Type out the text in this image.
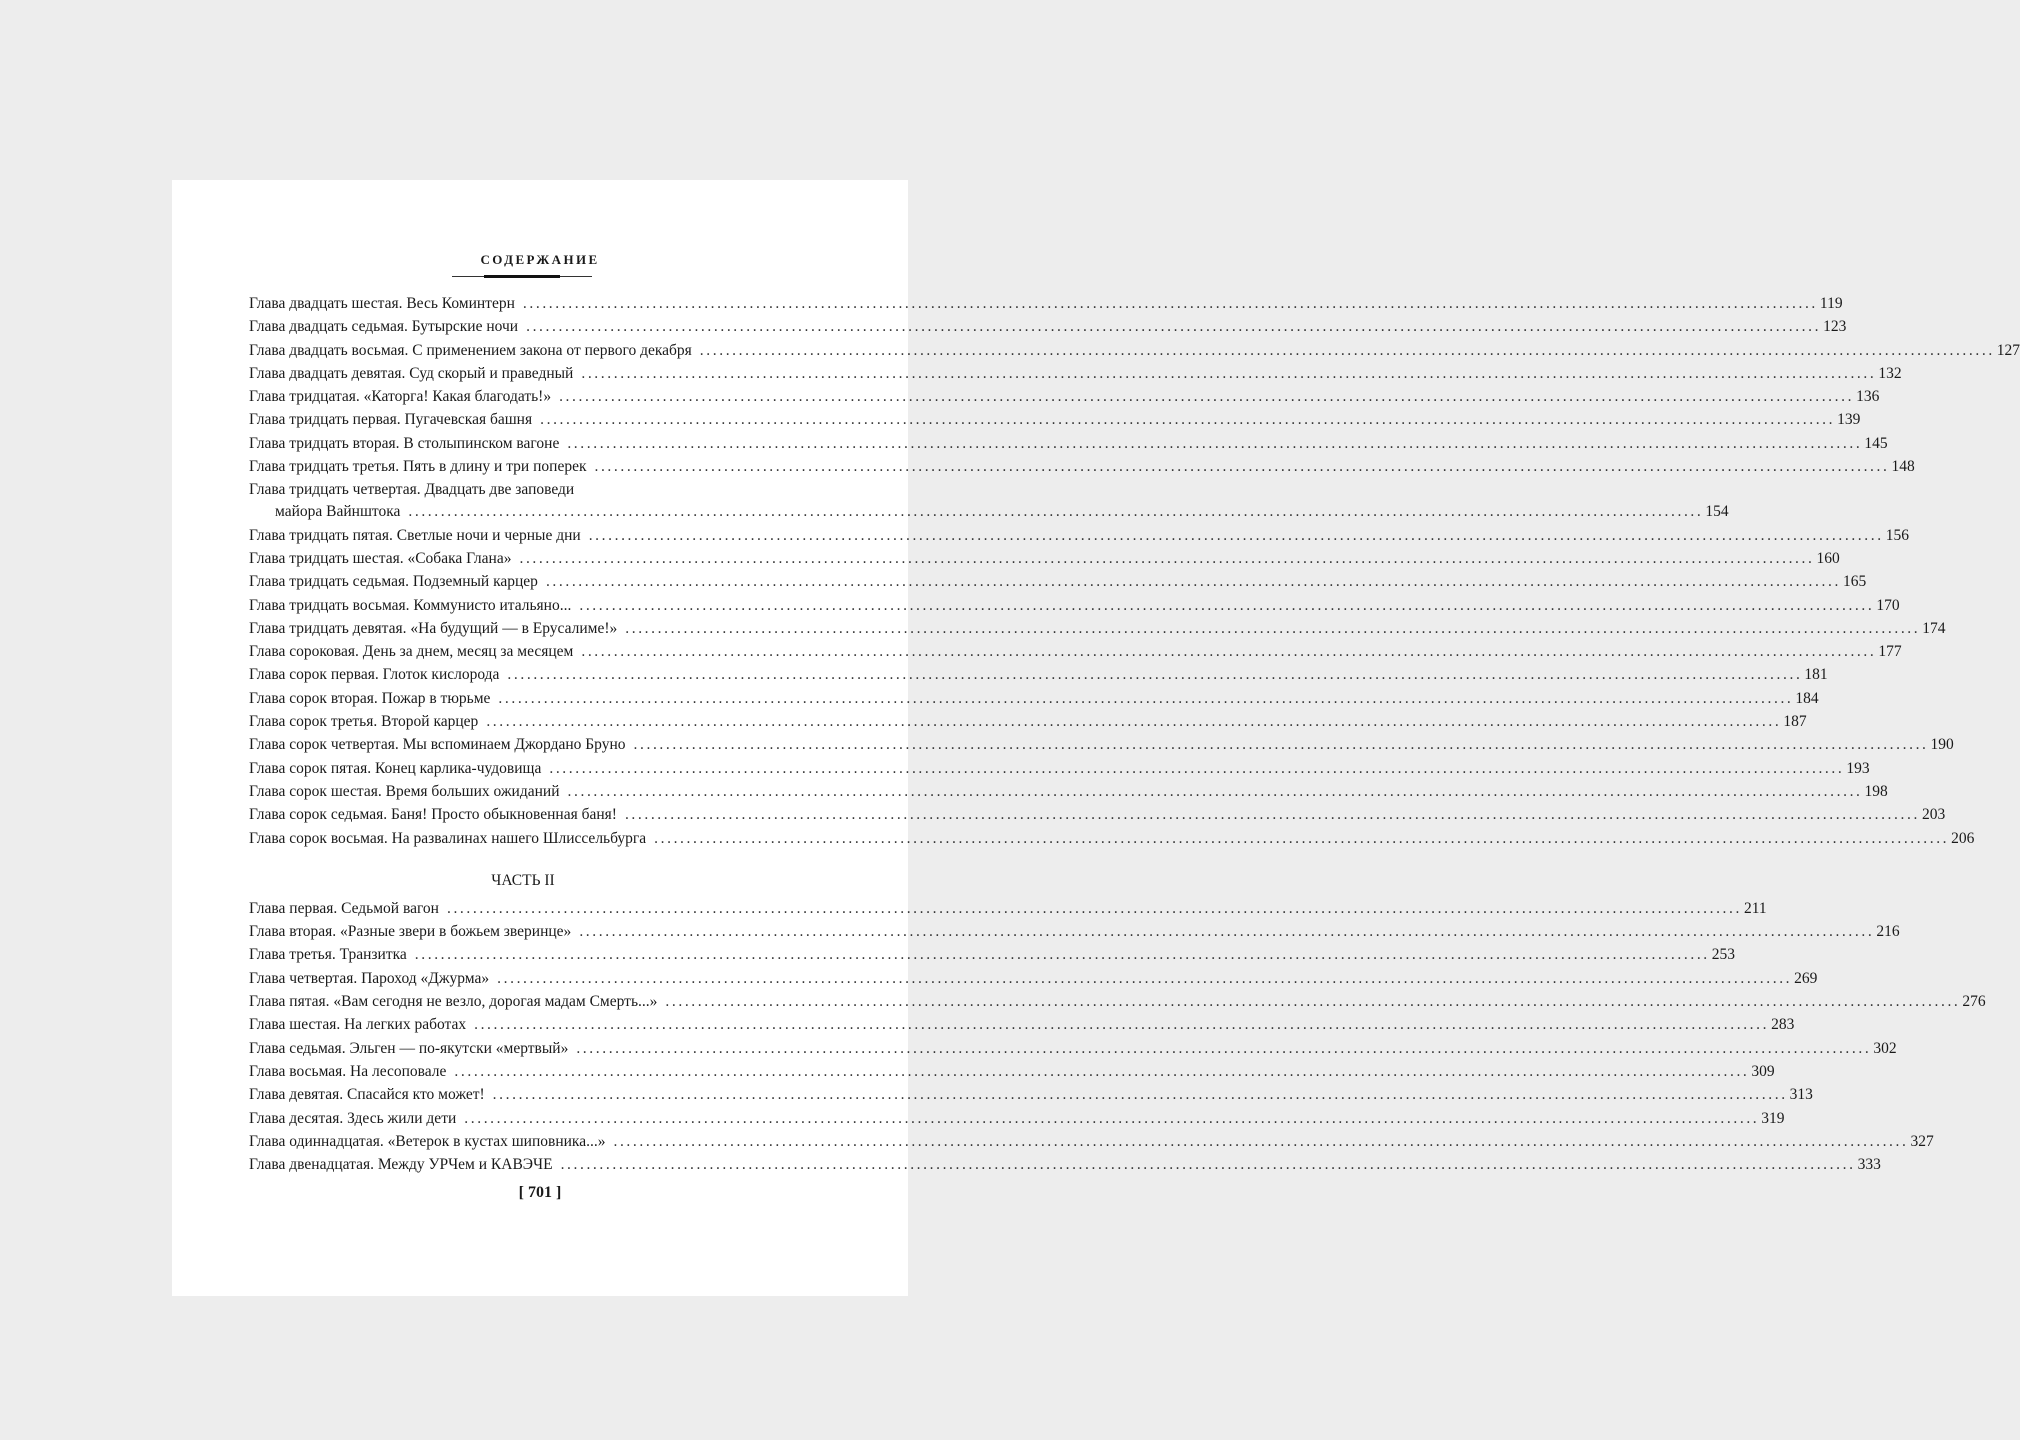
СОДЕРЖАНИЕ
Глава двадцать шестая. Весь Коминтерн ........................................................................................................................................................................................................ 119
Глава двадцать седьмая. Бутырские ночи ........................................................................................................................................................................................................ 123
Глава двадцать восьмая. С применением закона от первого декабря ........................................................................................................................................................................................................ 127
Глава двадцать девятая. Суд скорый и праведный ........................................................................................................................................................................................................ 132
Глава тридцатая. «Каторга! Какая благодать!» ........................................................................................................................................................................................................ 136
Глава тридцать первая. Пугачевская башня ........................................................................................................................................................................................................ 139
Глава тридцать вторая. В столыпинском вагоне ........................................................................................................................................................................................................ 145
Глава тридцать третья. Пять в длину и три поперек ........................................................................................................................................................................................................ 148
Глава тридцать четвертая. Двадцать две заповеди
майора Вайнштока ........................................................................................................................................................................................................ 154
Глава тридцать пятая. Светлые ночи и черные дни ........................................................................................................................................................................................................ 156
Глава тридцать шестая. «Собака Глана» ........................................................................................................................................................................................................ 160
Глава тридцать седьмая. Подземный карцер ........................................................................................................................................................................................................ 165
Глава тридцать восьмая. Коммунисто итальяно... ........................................................................................................................................................................................................ 170
Глава тридцать девятая. «На будущий — в Ерусалиме!» ........................................................................................................................................................................................................ 174
Глава сороковая. День за днем, месяц за месяцем ........................................................................................................................................................................................................ 177
Глава сорок первая. Глоток кислорода ........................................................................................................................................................................................................ 181
Глава сорок вторая. Пожар в тюрьме ........................................................................................................................................................................................................ 184
Глава сорок третья. Второй карцер ........................................................................................................................................................................................................ 187
Глава сорок четвертая. Мы вспоминаем Джордано Бруно ........................................................................................................................................................................................................ 190
Глава сорок пятая. Конец карлика-чудовища ........................................................................................................................................................................................................ 193
Глава сорок шестая. Время больших ожиданий ........................................................................................................................................................................................................ 198
Глава сорок седьмая. Баня! Просто обыкновенная баня! ........................................................................................................................................................................................................ 203
Глава сорок восьмая. На развалинах нашего Шлиссельбурга ........................................................................................................................................................................................................ 206
ЧАСТЬ II
Глава первая. Седьмой вагон ........................................................................................................................................................................................................ 211
Глава вторая. «Разные звери в божьем зверинце» ........................................................................................................................................................................................................ 216
Глава третья. Транзитка ........................................................................................................................................................................................................ 253
Глава четвертая. Пароход «Джурма» ........................................................................................................................................................................................................ 269
Глава пятая. «Вам сегодня не везло, дорогая мадам Смерть...» ........................................................................................................................................................................................................ 276
Глава шестая. На легких работах ........................................................................................................................................................................................................ 283
Глава седьмая. Эльген — по-якутски «мертвый» ........................................................................................................................................................................................................ 302
Глава восьмая. На лесоповале ........................................................................................................................................................................................................ 309
Глава девятая. Спасайся кто может! ........................................................................................................................................................................................................ 313
Глава десятая. Здесь жили дети ........................................................................................................................................................................................................ 319
Глава одиннадцатая. «Ветерок в кустах шиповника...» ........................................................................................................................................................................................................ 327
Глава двенадцатая. Между УРЧем и КАВЭЧЕ ........................................................................................................................................................................................................ 333
[ 701 ]
